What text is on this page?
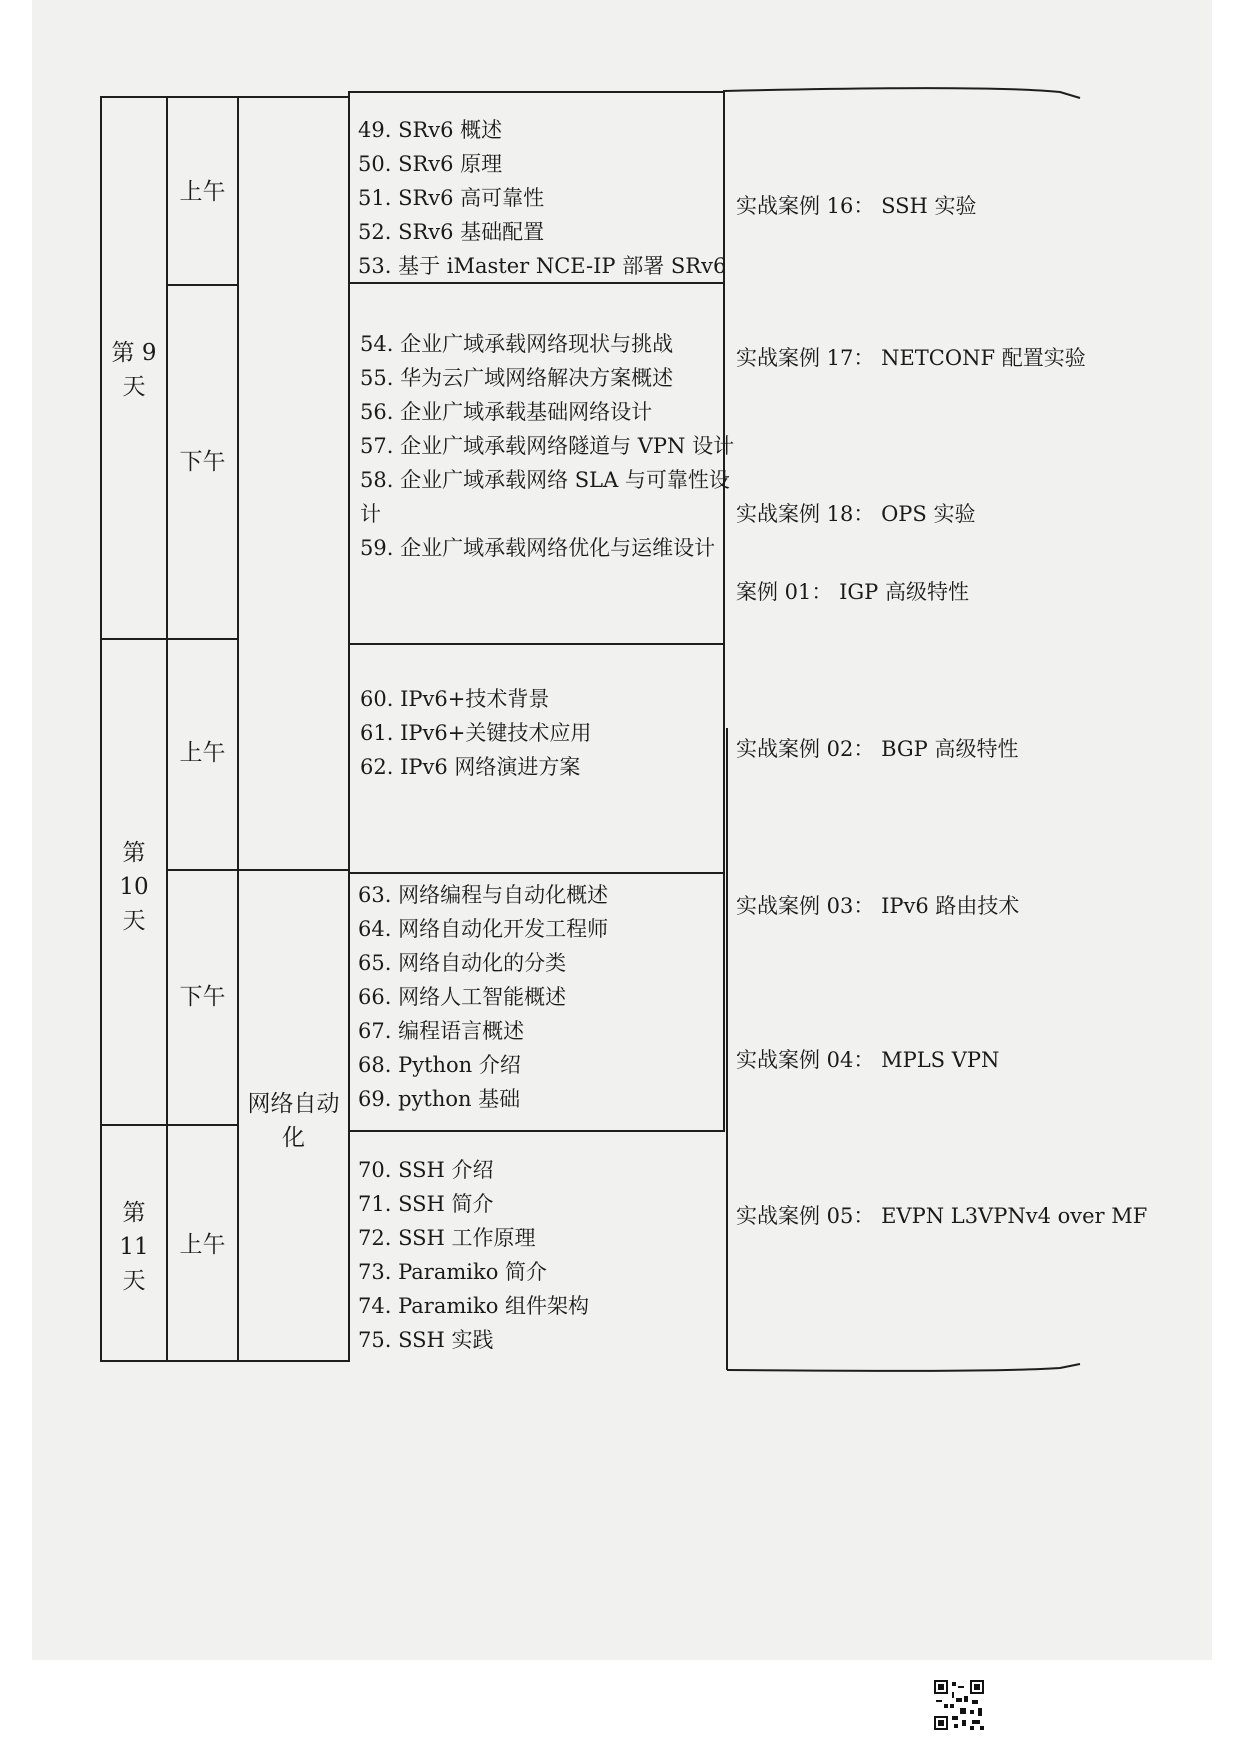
第 9
天
第
10
天
第
11
天
上午
下午
上午
下午
上午
网络自动
化
49. SRv6 概述
50. SRv6 原理
51. SRv6 高可靠性
52. SRv6 基础配置
53. 基于 iMaster NCE-IP 部署 SRv6
54. 企业广域承载网络现状与挑战
55. 华为云广域网络解决方案概述
56. 企业广域承载基础网络设计
57. 企业广域承载网络隧道与 VPN 设计
58. 企业广域承载网络 SLA 与可靠性设
计
59. 企业广域承载网络优化与运维设计
60. IPv6+技术背景
61. IPv6+关键技术应用
62. IPv6 网络演进方案
63. 网络编程与自动化概述
64. 网络自动化开发工程师
65. 网络自动化的分类
66. 网络人工智能概述
67. 编程语言概述
68. Python 介绍
69. python 基础
70. SSH 介绍
71. SSH 简介
72. SSH 工作原理
73. Paramiko 简介
74. Paramiko 组件架构
75. SSH 实践
实战案例 16： SSH 实验
实战案例 17： NETCONF 配置实验
实战案例 18： OPS 实验
案例 01： IGP 高级特性
实战案例 02： BGP 高级特性
实战案例 03： IPv6 路由技术
实战案例 04： MPLS VPN
实战案例 05： EVPN L3VPNv4 over MF
